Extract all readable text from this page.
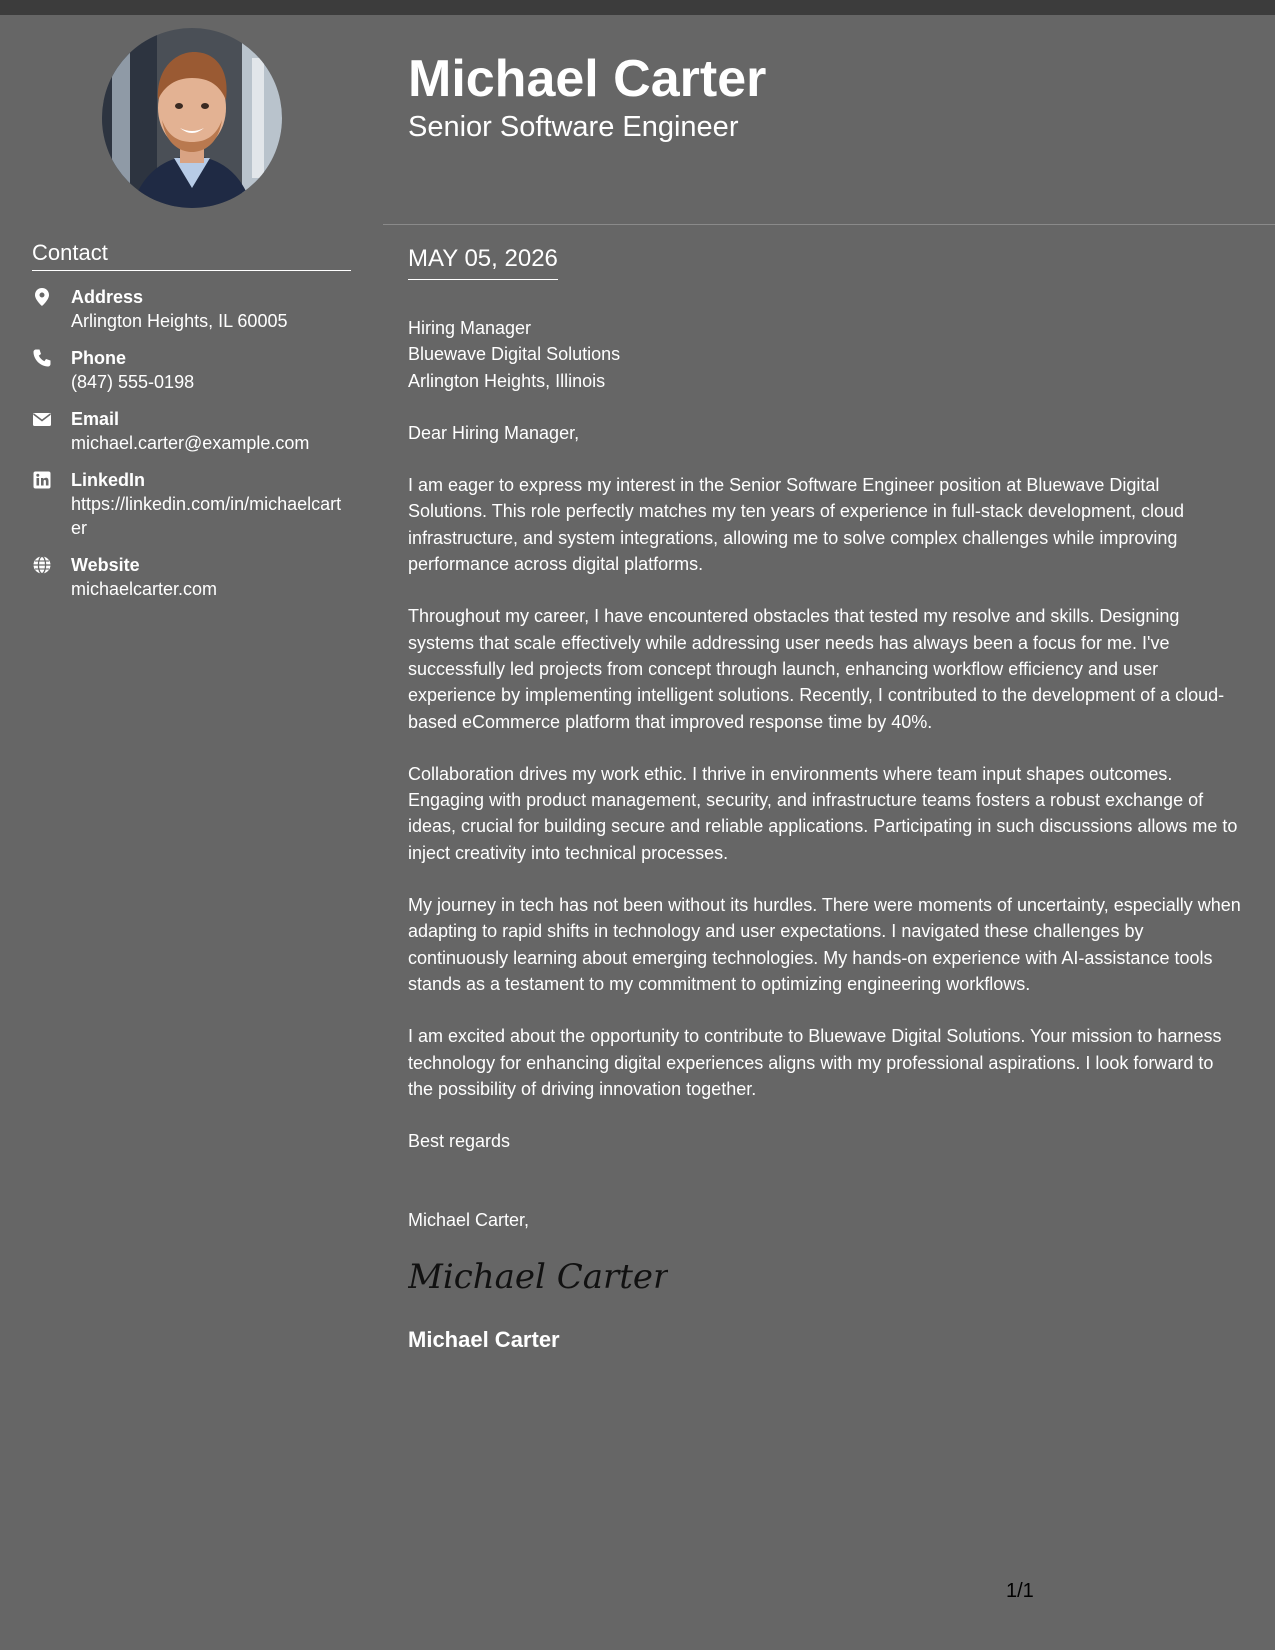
Contact
Address
Arlington Heights, IL 60005
Phone
(847) 555-0198
Email
michael.carter@example.com
LinkedIn
https://linkedin.com/in/michaelcarter
Website
michaelcarter.com
Michael Carter
Senior Software Engineer
MAY 05, 2026

Hiring Manager

Bluewave Digital Solutions

Arlington Heights, Illinois

Dear Hiring Manager,

I am eager to express my interest in the Senior Software Engineer position at Bluewave Digital Solutions. This role perfectly matches my ten years of experience in full-stack development, cloud infrastructure, and system integrations, allowing me to solve complex challenges while improving performance across digital platforms.

Throughout my career, I have encountered obstacles that tested my resolve and skills. Designing systems that scale effectively while addressing user needs has always been a focus for me. I've successfully led projects from concept through launch, enhancing workflow efficiency and user experience by implementing intelligent solutions. Recently, I contributed to the development of a cloud-based eCommerce platform that improved response time by 40%.

Collaboration drives my work ethic. I thrive in environments where team input shapes outcomes. Engaging with product management, security, and infrastructure teams fosters a robust exchange of ideas, crucial for building secure and reliable applications. Participating in such discussions allows me to inject creativity into technical processes.

My journey in tech has not been without its hurdles. There were moments of uncertainty, especially when adapting to rapid shifts in technology and user expectations. I navigated these challenges by continuously learning about emerging technologies. My hands-on experience with AI-assistance tools stands as a testament to my commitment to optimizing engineering workflows.

I am excited about the opportunity to contribute to Bluewave Digital Solutions. Your mission to harness technology for enhancing digital experiences aligns with my professional aspirations. I look forward to the possibility of driving innovation together.

Best regards

Michael Carter,

Michael Carter
Michael Carter
1/1
